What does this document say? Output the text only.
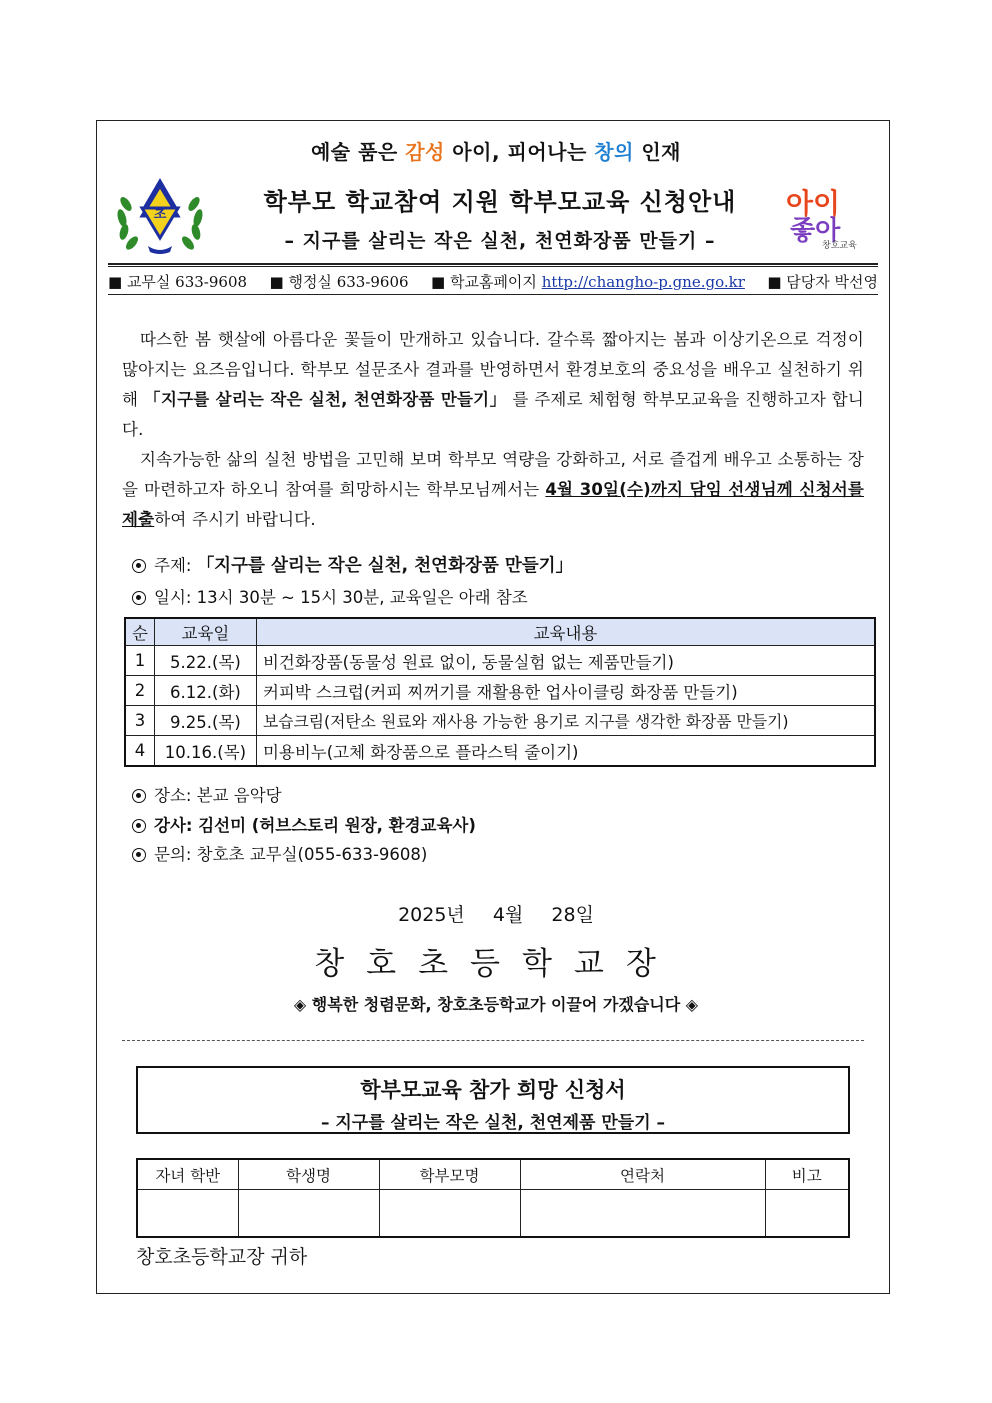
예술 품은 감성 아이, 피어나는 창의 인재
초	학부모 학교참여 지원 학부모교육 신청안내
– 지구를 살리는 작은 실천, 천연화장품 만들기 –
아이
좋아
창호교육
■ 교무실 633-9608 ■ 행정실 633-9606 ■ 학교홈페이지 http://changho-p.gne.go.kr ■ 담당자 박선영

따스한 봄 햇살에 아름다운 꽃들이 만개하고 있습니다. 갈수록 짧아지는 봄과 이상기온으로 걱정이 많아지는 요즈음입니다. 학부모 설문조사 결과를 반영하면서 환경보호의 중요성을 배우고 실천하기 위해 「지구를 살리는 작은 실천, 천연화장품 만들기」 를 주제로 체험형 학부모교육을 진행하고자 합니다.

지속가능한 삶의 실천 방법을 고민해 보며 학부모 역량을 강화하고, 서로 즐겁게 배우고 소통하는 장을 마련하고자 하오니 참여를 희망하시는 학부모님께서는 4월 30일(수)까지 담임 선생님께 신청서를 제출하여 주시기 바랍니다.

주제: 「지구를 살리는 작은 실천, 천연화장품 만들기」
일시: 13시 30분 ~ 15시 30분, 교육일은 아래 참조
순	교육일	교육내용
1	5.22.(목)	비건화장품(동물성 원료 없이, 동물실험 없는 제품만들기)
2	6.12.(화)	커피박 스크럽(커피 찌꺼기를 재활용한 업사이클링 화장품 만들기)
3	9.25.(목)	보습크림(저탄소 원료와 재사용 가능한 용기로 지구를 생각한 화장품 만들기)
4	10.16.(목)	미용비누(고체 화장품으로 플라스틱 줄이기)
장소: 본교 음악당
강사: 김선미 (허브스토리 원장, 환경교육사)
문의: 창호초 교무실(055-633-9608)
2025년  4월  28일
창호초등학교장
◈ 행복한 청렴문화, 창호초등학교가 이끌어 가겠습니다 ◈
학부모교육 참가 희망 신청서
– 지구를 살리는 작은 실천, 천연제품 만들기 –
자녀 학반	학생명	학부모명	연락처	비고

창호초등학교장 귀하
